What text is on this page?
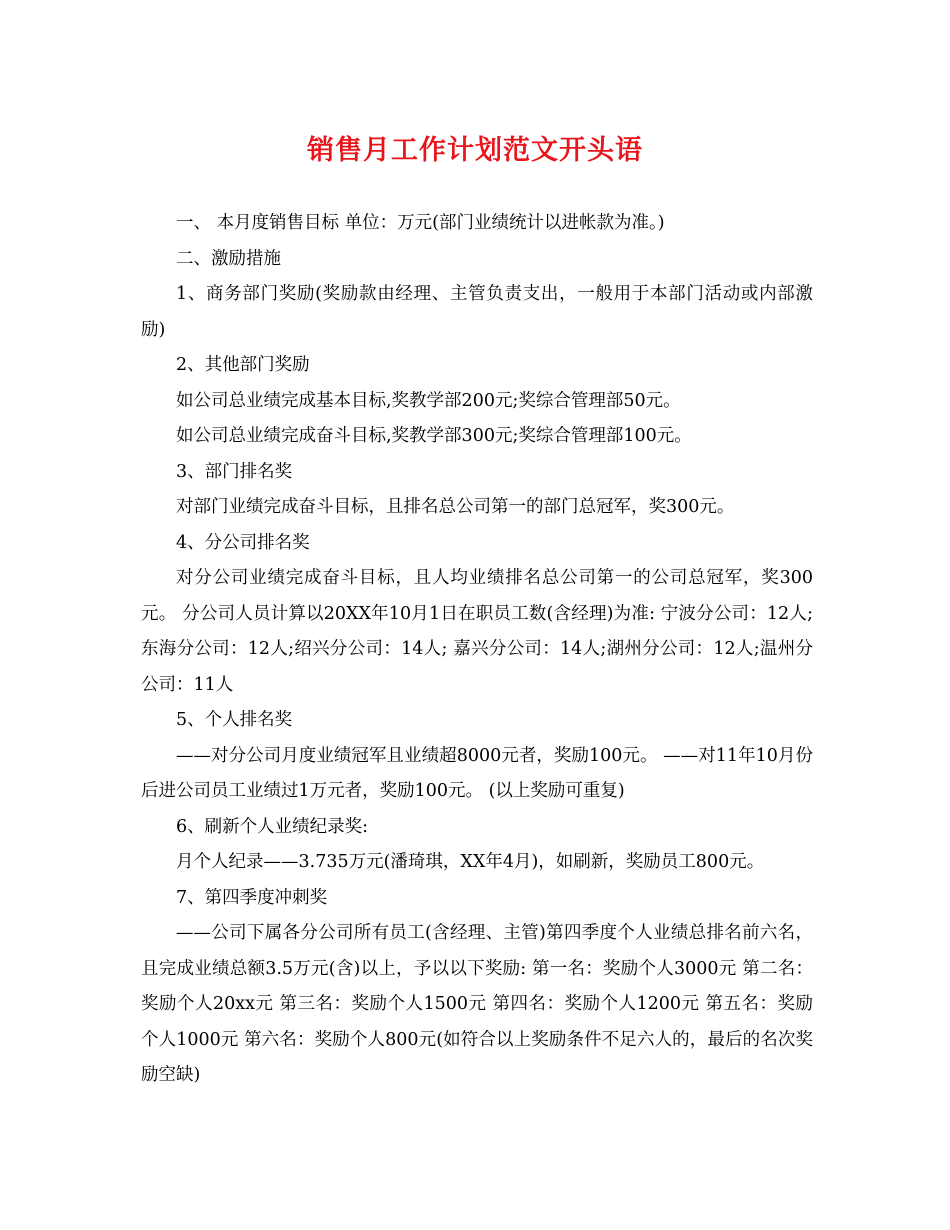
销售月工作计划范文开头语

一、 本月度销售目标 单位：万元(部门业绩统计以进帐款为准。)

二、激励措施

1、商务部门奖励(奖励款由经理、主管负责支出，一般用于本部门活动或内部激励)

2、其他部门奖励

如公司总业绩完成基本目标,奖教学部200元;奖综合管理部50元。

如公司总业绩完成奋斗目标,奖教学部300元;奖综合管理部100元。

3、部门排名奖

对部门业绩完成奋斗目标，且排名总公司第一的部门总冠军，奖300元。

4、分公司排名奖

对分公司业绩完成奋斗目标，且人均业绩排名总公司第一的公司总冠军，奖300元。 分公司人员计算以20XX年10月1日在职员工数(含经理)为准: 宁波分公司：12人;东海分公司：12人;绍兴分公司：14人; 嘉兴分公司：14人;湖州分公司：12人;温州分公司：11人

5、个人排名奖

——对分公司月度业绩冠军且业绩超8000元者，奖励100元。 ——对11年10月份后进公司员工业绩过1万元者，奖励100元。 (以上奖励可重复)

6、刷新个人业绩纪录奖:

月个人纪录——3.735万元(潘琦琪，XX年4月)，如刷新，奖励员工800元。

7、第四季度冲刺奖

——公司下属各分公司所有员工(含经理、主管)第四季度个人业绩总排名前六名，且完成业绩总额3.5万元(含)以上，予以以下奖励: 第一名：奖励个人3000元 第二名：奖励个人20xx元 第三名：奖励个人1500元 第四名：奖励个人1200元 第五名：奖励个人1000元 第六名：奖励个人800元(如符合以上奖励条件不足六人的，最后的名次奖励空缺)
